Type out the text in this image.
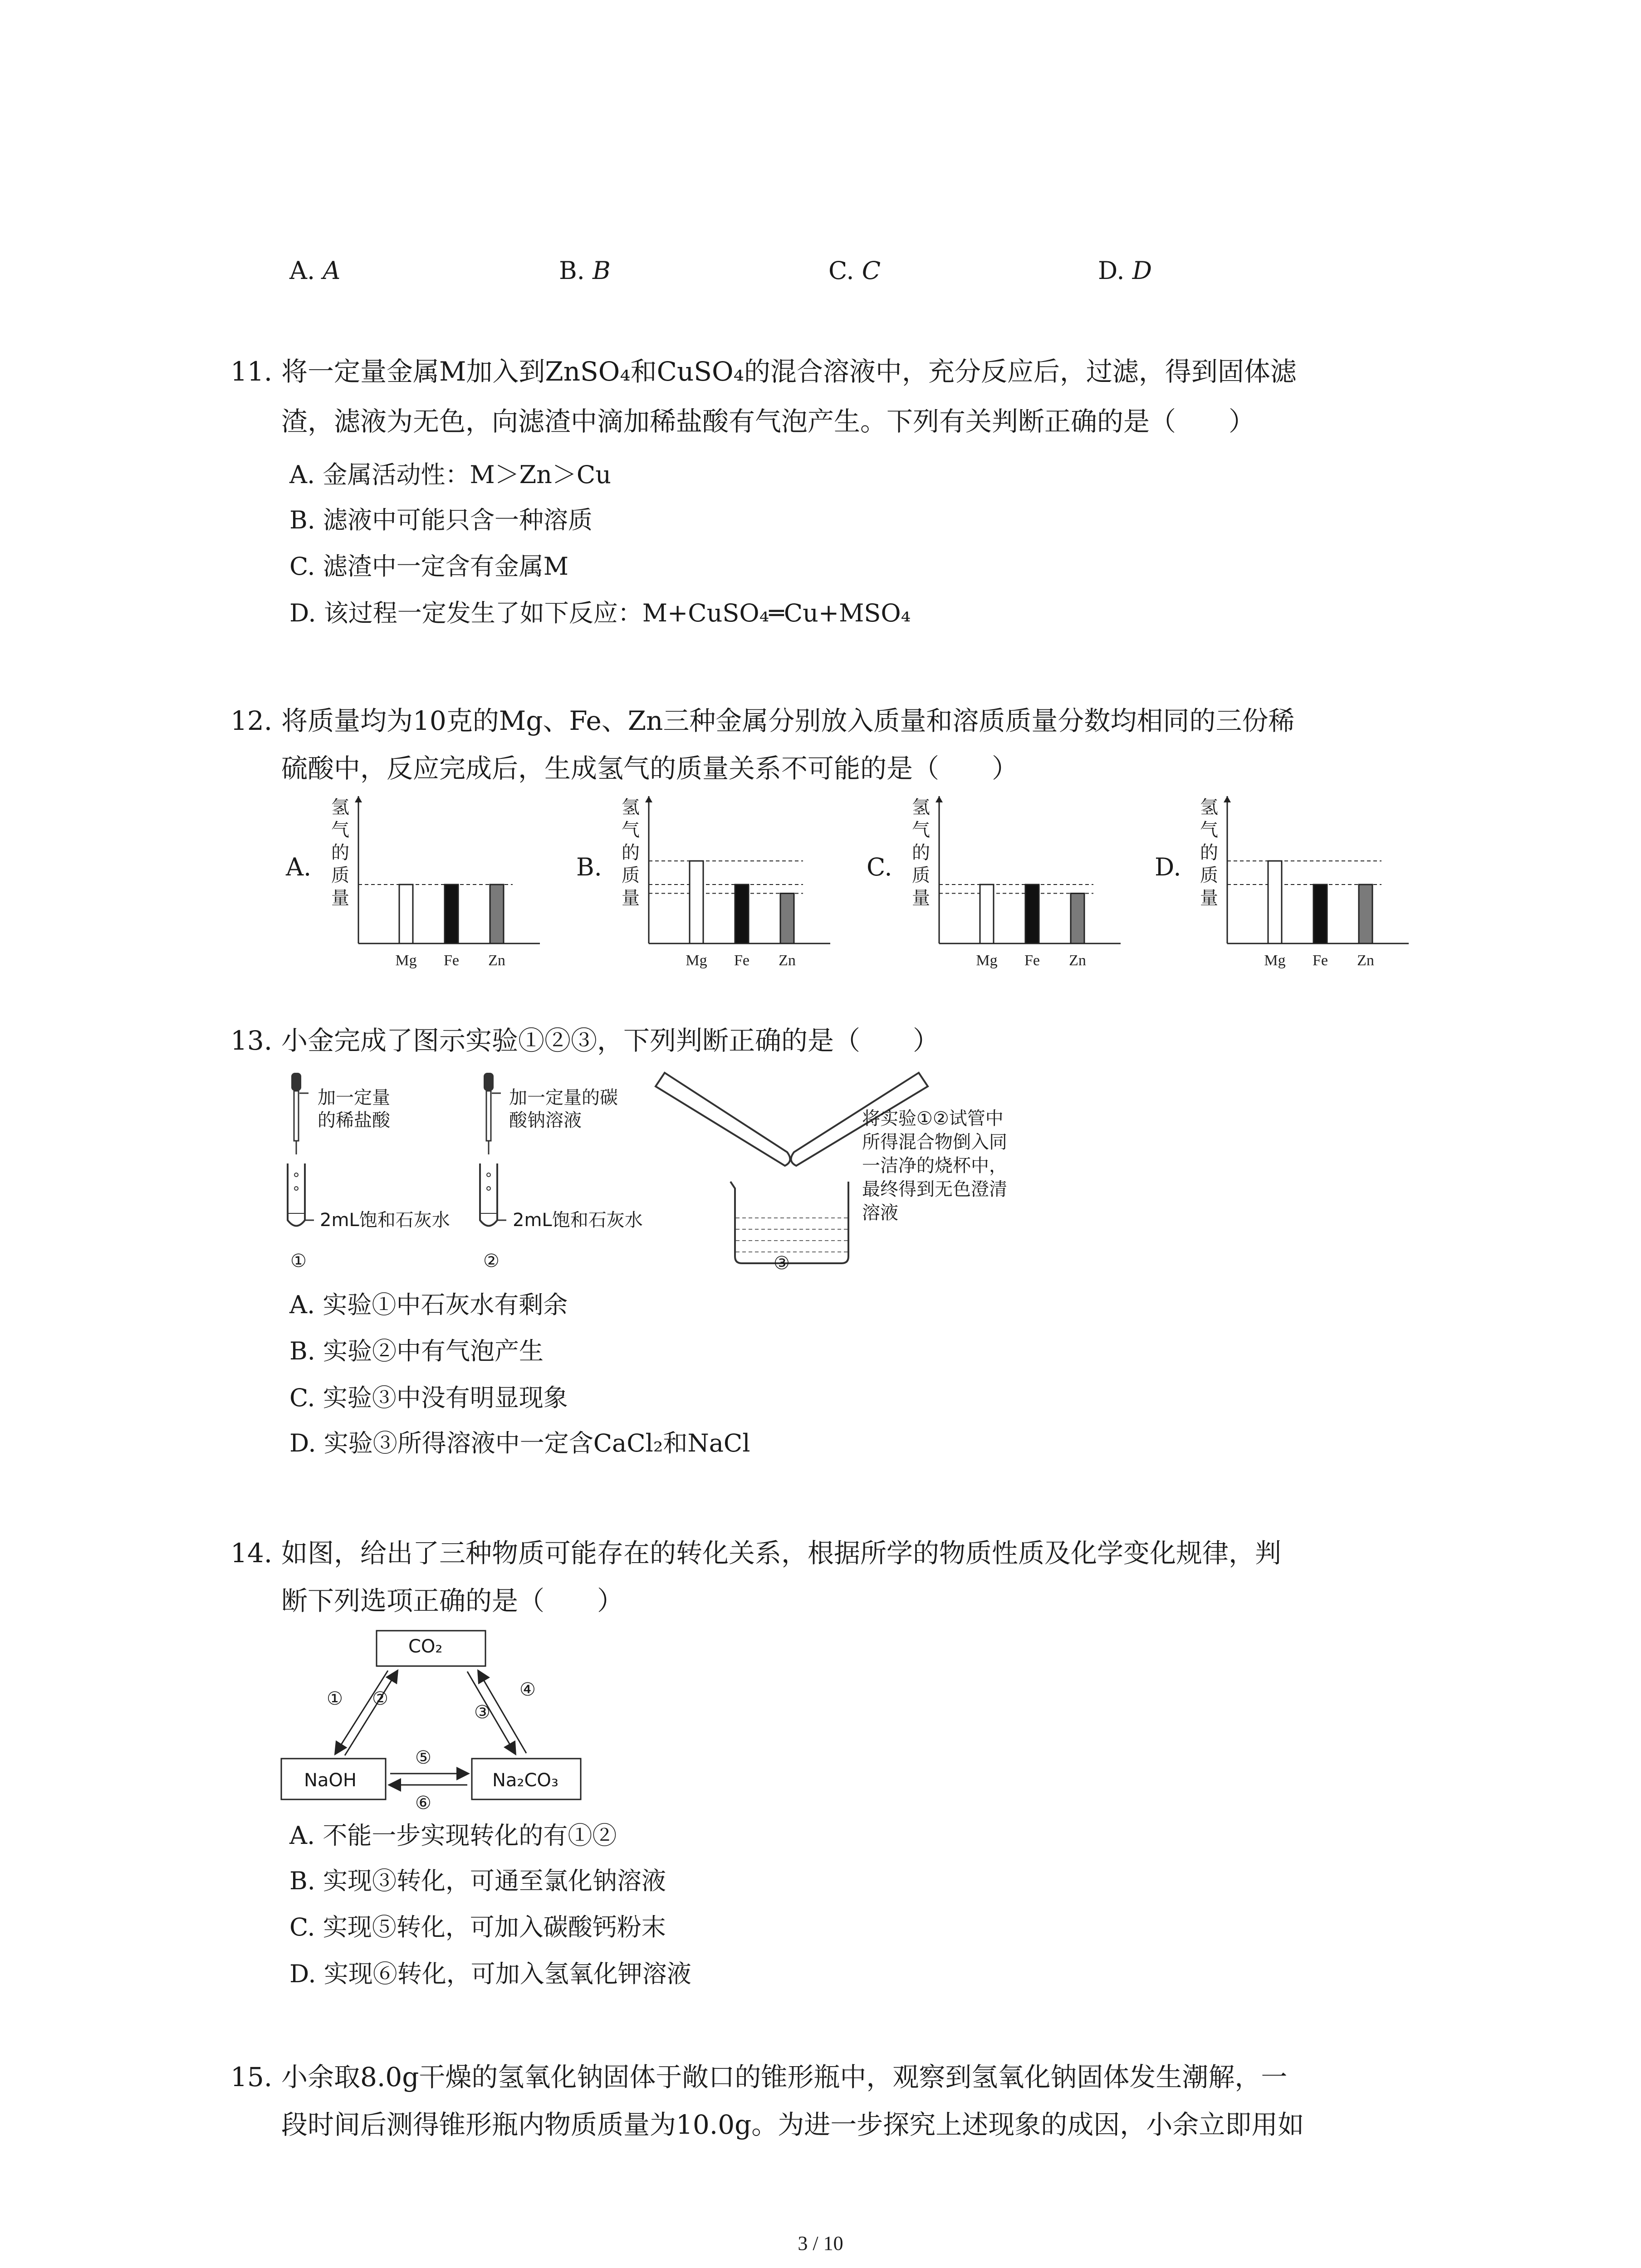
A. A	B. B	C. C	D. D
11. 将一定量金属M加入到ZnSO₄和CuSO₄的混合溶液中，充分反应后，过滤，得到固体滤
渣，滤液为无色，向滤渣中滴加稀盐酸有气泡产生。下列有关判断正确的是（　　）
A. 金属活动性：M＞Zn＞Cu
B. 滤液中可能只含一种溶质
C. 滤渣中一定含有金属M
D. 该过程一定发生了如下反应：M+CuSO₄═Cu+MSO₄
12. 将质量均为10克的Mg、Fe、Zn三种金属分别放入质量和溶质质量分数均相同的三份稀
硫酸中，反应完成后，生成氢气的质量关系不可能的是（　　）
A.
氢气的质量
Mg Fe Zn
B.
氢气的质量
Mg Fe Zn
C.
氢气的质量
Mg Fe Zn
D.
氢气的质量
Mg Fe Zn
13. 小金完成了图示实验①②③，下列判断正确的是（　　）
加一定量的稀盐酸
2mL饱和石灰水
①
加一定量的碳酸钠溶液
2mL饱和石灰水
②
将实验①②试管中所得混合物倒入同一洁净的烧杯中，最终得到无色澄清溶液
③
A. 实验①中石灰水有剩余
B. 实验②中有气泡产生
C. 实验③中没有明显现象
D. 实验③所得溶液中一定含CaCl₂和NaCl
14. 如图，给出了三种物质可能存在的转化关系，根据所学的物质性质及化学变化规律，判
断下列选项正确的是（　　）
CO₂
NaOH	Na₂CO₃
① ②
③
④
⑤
⑥
A. 不能一步实现转化的有①②
B. 实现③转化，可通至氯化钠溶液
C. 实现⑤转化，可加入碳酸钙粉末
D. 实现⑥转化，可加入氢氧化钾溶液
15. 小余取8.0g干燥的氢氧化钠固体于敞口的锥形瓶中，观察到氢氧化钠固体发生潮解，一
段时间后测得锥形瓶内物质质量为10.0g。为进一步探究上述现象的成因，小余立即用如
3 / 10
